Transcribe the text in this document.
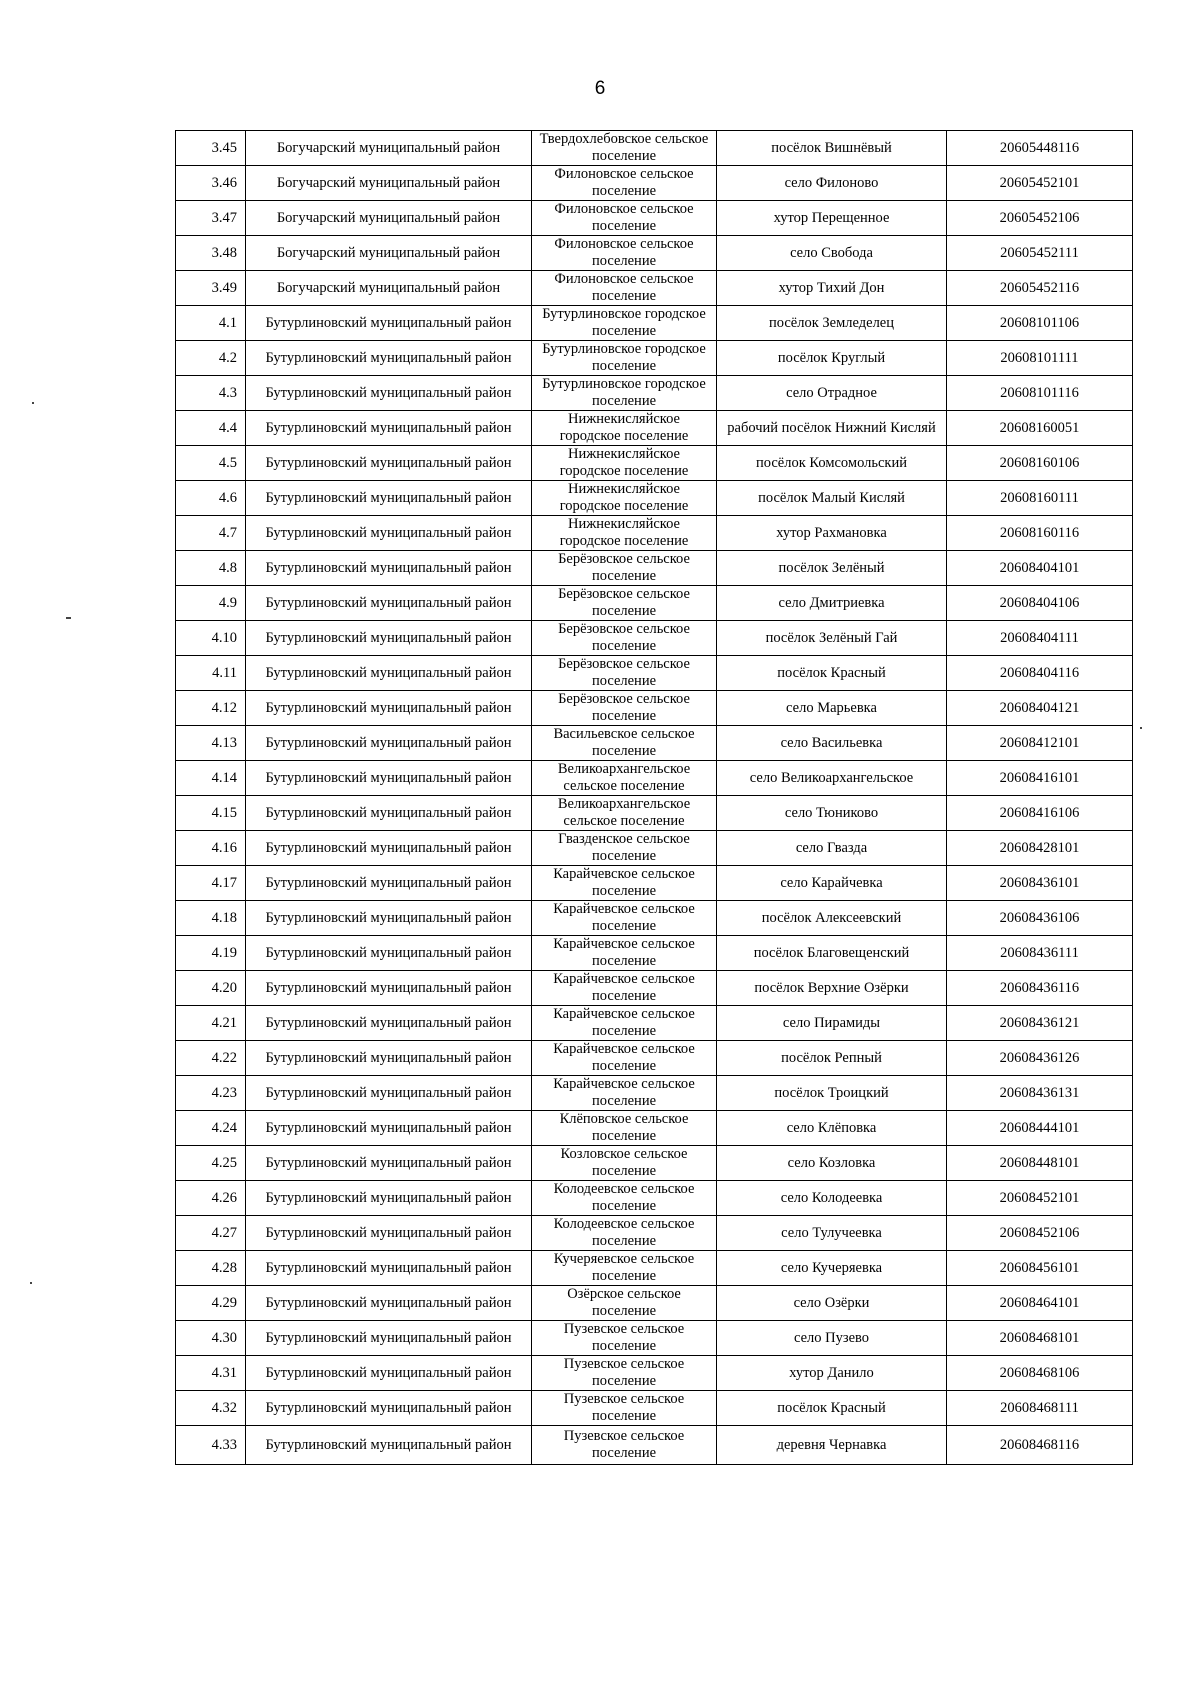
6
3.45	Богучарский муниципальный район	Твердохлебовское сельское поселение	посёлок Вишнёвый	20605448116
3.46	Богучарский муниципальный район	Филоновское сельское поселение	село Филоново	20605452101
3.47	Богучарский муниципальный район	Филоновское сельское поселение	хутор Перещенное	20605452106
3.48	Богучарский муниципальный район	Филоновское сельское поселение	село Свобода	20605452111
3.49	Богучарский муниципальный район	Филоновское сельское поселение	хутор Тихий Дон	20605452116
4.1	Бутурлиновский муниципальный район	Бутурлиновское городское поселение	посёлок Земледелец	20608101106
4.2	Бутурлиновский муниципальный район	Бутурлиновское городское поселение	посёлок Круглый	20608101111
4.3	Бутурлиновский муниципальный район	Бутурлиновское городское поселение	село Отрадное	20608101116
4.4	Бутурлиновский муниципальный район	Нижнекисляйское городское поселение	рабочий посёлок Нижний Кисляй	20608160051
4.5	Бутурлиновский муниципальный район	Нижнекисляйское городское поселение	посёлок Комсомольский	20608160106
4.6	Бутурлиновский муниципальный район	Нижнекисляйское городское поселение	посёлок Малый Кисляй	20608160111
4.7	Бутурлиновский муниципальный район	Нижнекисляйское городское поселение	хутор Рахмановка	20608160116
4.8	Бутурлиновский муниципальный район	Берёзовское сельское поселение	посёлок Зелёный	20608404101
4.9	Бутурлиновский муниципальный район	Берёзовское сельское поселение	село Дмитриевка	20608404106
4.10	Бутурлиновский муниципальный район	Берёзовское сельское поселение	посёлок Зелёный Гай	20608404111
4.11	Бутурлиновский муниципальный район	Берёзовское сельское поселение	посёлок Красный	20608404116
4.12	Бутурлиновский муниципальный район	Берёзовское сельское поселение	село Марьевка	20608404121
4.13	Бутурлиновский муниципальный район	Васильевское сельское поселение	село Васильевка	20608412101
4.14	Бутурлиновский муниципальный район	Великоархангельское сельское поселение	село Великоархангельское	20608416101
4.15	Бутурлиновский муниципальный район	Великоархангельское сельское поселение	село Тюниково	20608416106
4.16	Бутурлиновский муниципальный район	Гвазденское сельское поселение	село Гвазда	20608428101
4.17	Бутурлиновский муниципальный район	Карайчевское сельское поселение	село Карайчевка	20608436101
4.18	Бутурлиновский муниципальный район	Карайчевское сельское поселение	посёлок Алексеевский	20608436106
4.19	Бутурлиновский муниципальный район	Карайчевское сельское поселение	посёлок Благовещенский	20608436111
4.20	Бутурлиновский муниципальный район	Карайчевское сельское поселение	посёлок Верхние Озёрки	20608436116
4.21	Бутурлиновский муниципальный район	Карайчевское сельское поселение	село Пирамиды	20608436121
4.22	Бутурлиновский муниципальный район	Карайчевское сельское поселение	посёлок Репный	20608436126
4.23	Бутурлиновский муниципальный район	Карайчевское сельское поселение	посёлок Троицкий	20608436131
4.24	Бутурлиновский муниципальный район	Клёповское сельское поселение	село Клёповка	20608444101
4.25	Бутурлиновский муниципальный район	Козловское сельское поселение	село Козловка	20608448101
4.26	Бутурлиновский муниципальный район	Колодеевское сельское поселение	село Колодеевка	20608452101
4.27	Бутурлиновский муниципальный район	Колодеевское сельское поселение	село Тулучеевка	20608452106
4.28	Бутурлиновский муниципальный район	Кучеряевское сельское поселение	село Кучеряевка	20608456101
4.29	Бутурлиновский муниципальный район	Озёрское сельское поселение	село Озёрки	20608464101
4.30	Бутурлиновский муниципальный район	Пузевское сельское поселение	село Пузево	20608468101
4.31	Бутурлиновский муниципальный район	Пузевское сельское поселение	хутор Данило	20608468106
4.32	Бутурлиновский муниципальный район	Пузевское сельское поселение	посёлок Красный	20608468111
4.33	Бутурлиновский муниципальный район	Пузевское сельское поселение	деревня Чернавка	20608468116
